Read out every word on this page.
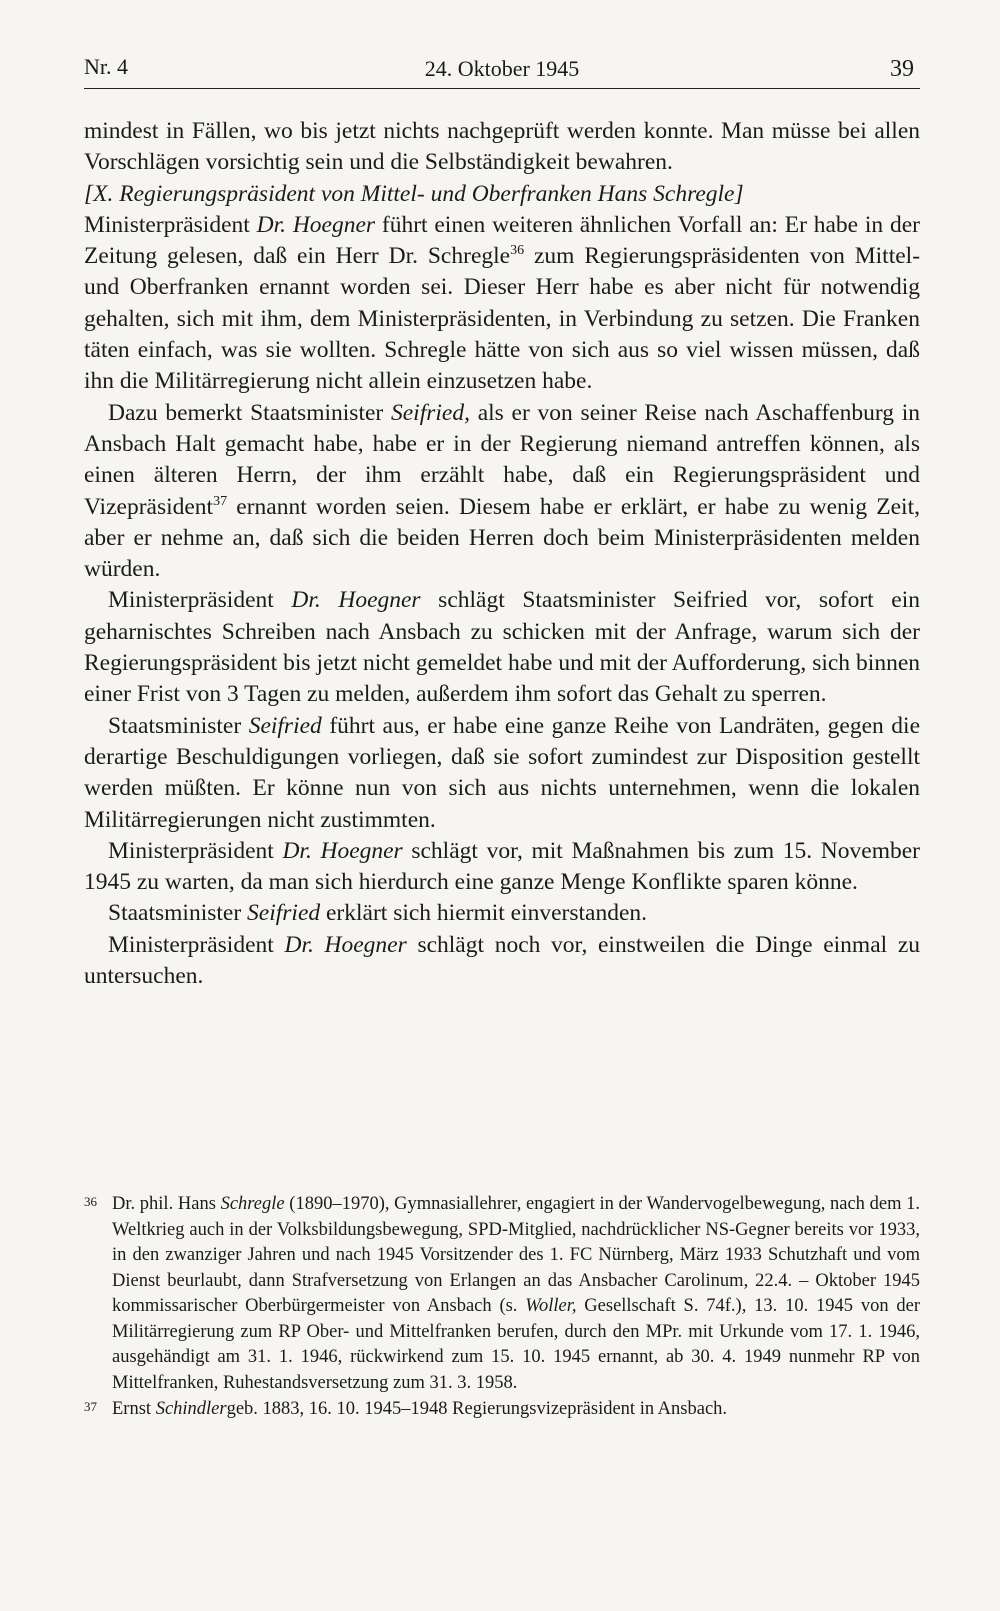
Nr. 4	24. Oktober 1945	39

mindest in Fällen, wo bis jetzt nichts nachgeprüft werden konnte. Man müsse bei allen Vorschlägen vorsichtig sein und die Selbständigkeit bewahren.

[X. Regierungspräsident von Mittel- und Oberfranken Hans Schregle]

Ministerpräsident Dr. Hoegner führt einen weiteren ähnlichen Vorfall an: Er habe in der Zeitung gelesen, daß ein Herr Dr. Schregle$^{36}$ zum Regierungspräsidenten von Mittel- und Oberfranken ernannt worden sei. Dieser Herr habe es aber nicht für notwendig gehalten, sich mit ihm, dem Ministerpräsidenten, in Verbindung zu setzen. Die Franken täten einfach, was sie wollten. Schregle hätte von sich aus so viel wissen müssen, daß ihn die Militärregierung nicht allein einzusetzen habe.

Dazu bemerkt Staatsminister Seifried, als er von seiner Reise nach Aschaffenburg in Ansbach Halt gemacht habe, habe er in der Regierung niemand antreffen können, als einen älteren Herrn, der ihm erzählt habe, daß ein Regierungspräsident und Vizepräsident$^{37}$ ernannt worden seien. Diesem habe er erklärt, er habe zu wenig Zeit, aber er nehme an, daß sich die beiden Herren doch beim Ministerpräsidenten melden würden.

Ministerpräsident Dr. Hoegner schlägt Staatsminister Seifried vor, sofort ein geharnischtes Schreiben nach Ansbach zu schicken mit der Anfrage, warum sich der Regierungspräsident bis jetzt nicht gemeldet habe und mit der Aufforderung, sich binnen einer Frist von 3 Tagen zu melden, außerdem ihm sofort das Gehalt zu sperren.

Staatsminister Seifried führt aus, er habe eine ganze Reihe von Landräten, gegen die derartige Beschuldigungen vorliegen, daß sie sofort zumindest zur Disposition gestellt werden müßten. Er könne nun von sich aus nichts unternehmen, wenn die lokalen Militärregierungen nicht zustimmten.

Ministerpräsident Dr. Hoegner schlägt vor, mit Maßnahmen bis zum 15. November 1945 zu warten, da man sich hierdurch eine ganze Menge Konflikte sparen könne.

Staatsminister Seifried erklärt sich hiermit einverstanden.

Ministerpräsident Dr. Hoegner schlägt noch vor, einstweilen die Dinge einmal zu untersuchen.

36 Dr. phil. Hans Schregle (1890–1970), Gymnasiallehrer, engagiert in der Wandervogelbewegung, nach dem 1. Weltkrieg auch in der Volksbildungsbewegung, SPD-Mitglied, nachdrücklicher NS-Gegner bereits vor 1933, in den zwanziger Jahren und nach 1945 Vorsitzender des 1. FC Nürnberg, März 1933 Schutzhaft und vom Dienst beurlaubt, dann Strafversetzung von Erlangen an das Ansbacher Carolinum, 22.4. – Oktober 1945 kommissarischer Oberbürgermeister von Ansbach (s. Woller, Gesellschaft S. 74f.), 13. 10. 1945 von der Militärregierung zum RP Ober- und Mittelfranken berufen, durch den MPr. mit Urkunde vom 17. 1. 1946, ausgehändigt am 31. 1. 1946, rückwirkend zum 15. 10. 1945 ernannt, ab 30. 4. 1949 nunmehr RP von Mittelfranken, Ruhestandsversetzung zum 31. 3. 1958.

37 Ernst Schindlergeb. 1883, 16. 10. 1945–1948 Regierungsvizepräsident in Ansbach.
